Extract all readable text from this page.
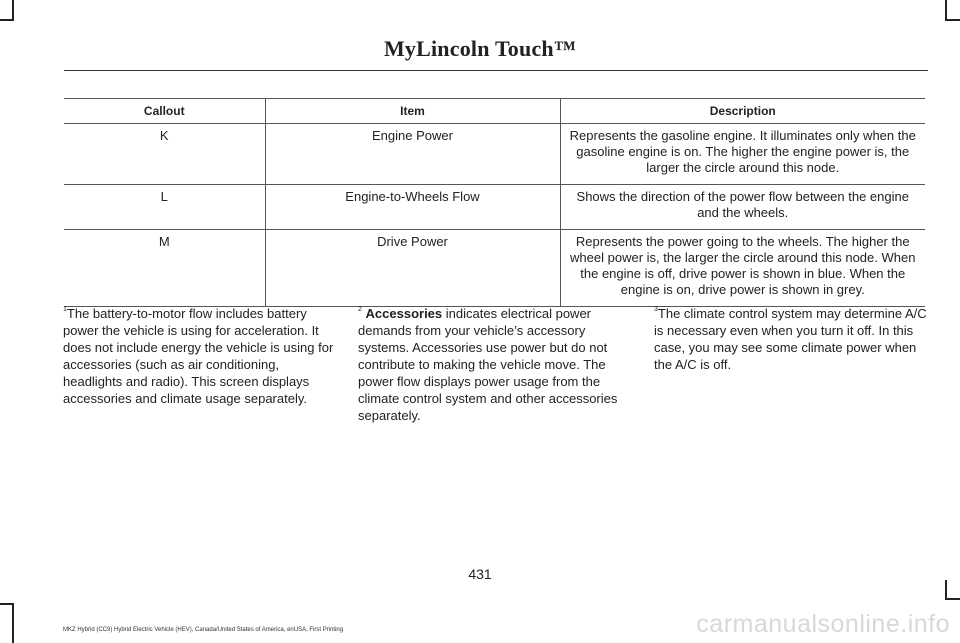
MyLincoln Touch™
Callout	Item	Description
K	Engine Power	Represents the gasoline engine. It illuminates only when the gasoline engine is on. The higher the engine power is, the larger the circle around this node.
L	Engine-to-Wheels Flow	Shows the direction of the power flow between the engine and the wheels.
M	Drive Power	Represents the power going to the wheels. The higher the wheel power is, the larger the circle around this node. When the engine is off, drive power is shown in blue. When the engine is on, drive power is shown in grey.
$^1$The battery-to-motor flow includes battery power the vehicle is using for acceleration. It does not include energy the vehicle is using for accessories (such as air conditioning, headlights and radio). This screen displays accessories and climate usage separately.
$^2$ Accessories indicates electrical power demands from your vehicle’s accessory systems. Accessories use power but do not contribute to making the vehicle move. The power flow displays power usage from the climate control system and other accessories separately.
$^3$The climate control system may determine A/C is necessary even when you turn it off. In this case, you may see some climate power when the A/C is off.
431
MKZ Hybrid (CC9) Hybrid Electric Vehicle (HEV), Canada/United States of America, enUSA, First Printing	carmanualsonline.info
